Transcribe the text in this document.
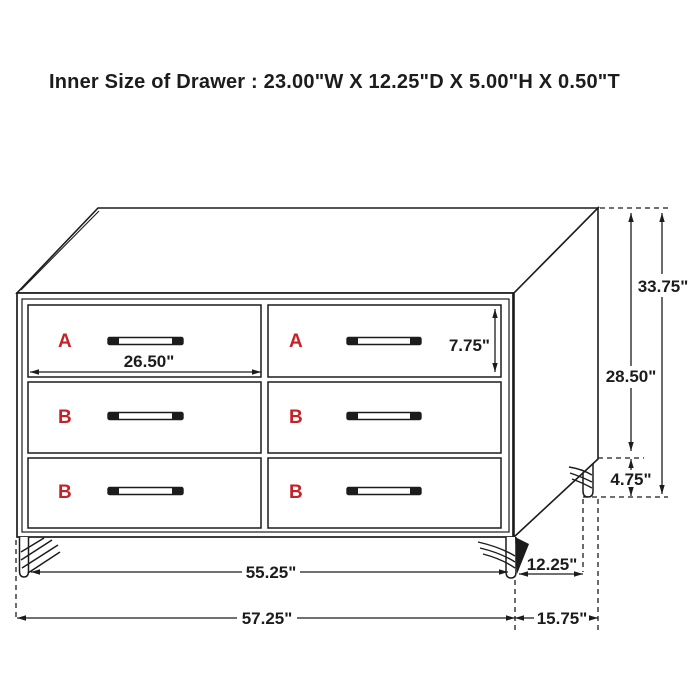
Inner Size of Drawer : 23.00"W X 12.25"D X 5.00"H X 0.50"T
A	A
B	B
B	B
26.50"
7.75"
28.50"
33.75"
4.75"
55.25"	12.25"
57.25"	15.75"
